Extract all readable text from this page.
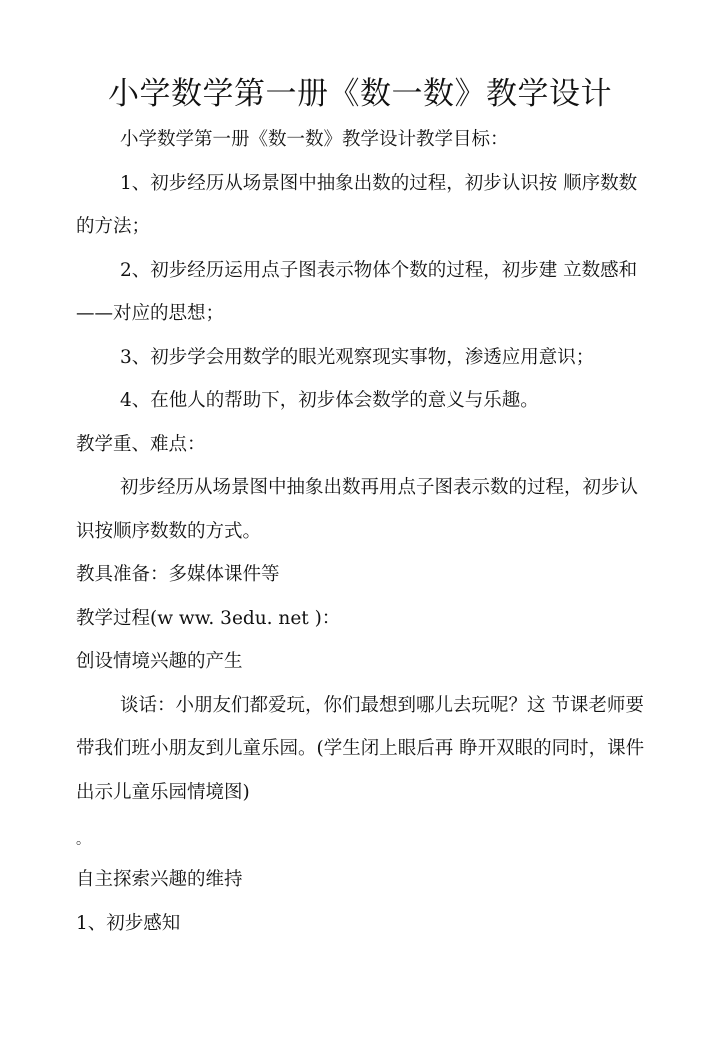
小学数学第一册《数一数》教学设计

小学数学第一册《数一数》教学设计教学目标：

1、初步经历从场景图中抽象出数的过程，初步认识按 顺序数数的方法；

2、初步经历运用点子图表示物体个数的过程，初步建 立数感和——对应的思想；

3、初步学会用数学的眼光观察现实事物，渗透应用意识；

4、在他人的帮助下，初步体会数学的意义与乐趣。

教学重、难点：

初步经历从场景图中抽象出数再用点子图表示数的过程，初步认识按顺序数数的方式。

教具准备：多媒体课件等

教学过程(w ww. 3edu. net )：

创设情境兴趣的产生

谈话：小朋友们都爱玩，你们最想到哪儿去玩呢？这 节课老师要带我们班小朋友到儿童乐园。(学生闭上眼后再 睁开双眼的同时，课件出示儿童乐园情境图)

。

自主探索兴趣的维持

1、初步感知
